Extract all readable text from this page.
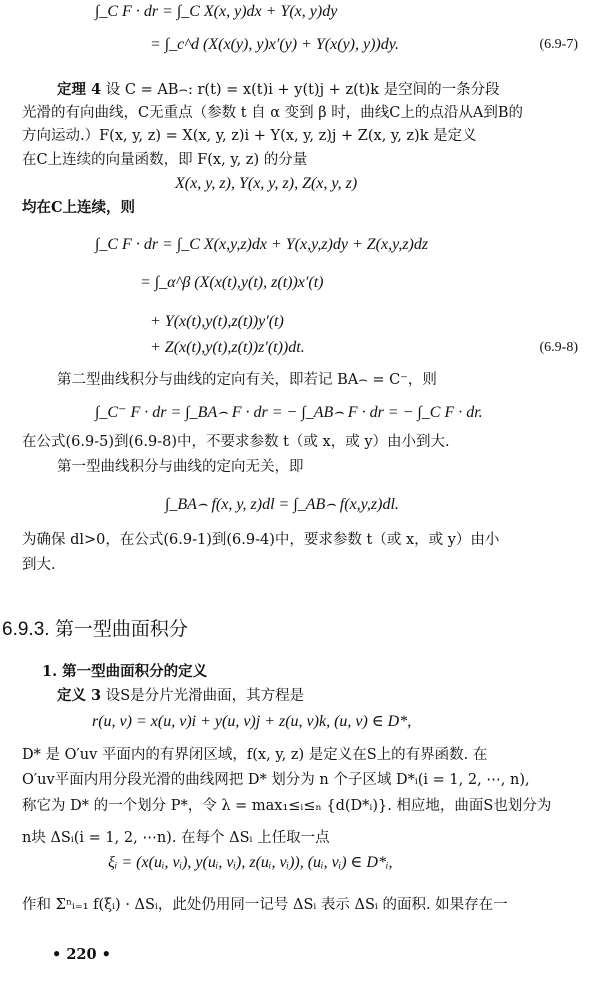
∫_C F · dr = ∫_C X(x, y)dx + Y(x, y)dy
= ∫_c^d (X(x(y), y)x′(y) + Y(x(y), y))dy.	(6.9-7)
定理 4 设 C = AB⌢: r(t) = x(t)i + y(t)j + z(t)k 是空间的一条分段
光滑的有向曲线，C无重点（参数 t 自 α 变到 β 时，曲线C上的点沿从A到B的
方向运动.）F(x, y, z) = X(x, y, z)i + Y(x, y, z)j + Z(x, y, z)k 是定义
在C上连续的向量函数，即 F(x, y, z) 的分量
X(x, y, z), Y(x, y, z), Z(x, y, z)
均在C上连续，则
∫_C F · dr = ∫_C X(x,y,z)dx + Y(x,y,z)dy + Z(x,y,z)dz
= ∫_α^β (X(x(t),y(t), z(t))x′(t)
+ Y(x(t),y(t),z(t))y′(t)
+ Z(x(t),y(t),z(t))z′(t))dt.	(6.9-8)
第二型曲线积分与曲线的定向有关，即若记 BA⌢ = C⁻，则
∫_C⁻ F · dr = ∫_BA⌢ F · dr = − ∫_AB⌢ F · dr = − ∫_C F · dr.
在公式(6.9-5)到(6.9-8)中，不要求参数 t（或 x，或 y）由小到大.
第一型曲线积分与曲线的定向无关，即
∫_BA⌢ f(x, y, z)dl = ∫_AB⌢ f(x,y,z)dl.
为确保 dl>0，在公式(6.9-1)到(6.9-4)中，要求参数 t（或 x，或 y）由小
到大.
6.9.3. 第一型曲面积分
1. 第一型曲面积分的定义
定义 3 设S是分片光滑曲面，其方程是
r(u, v) = x(u, v)i + y(u, v)j + z(u, v)k, (u, v) ∈ D*,
D* 是 O′uv 平面内的有界闭区域，f(x, y, z) 是定义在S上的有界函数. 在
O′uv平面内用分段光滑的曲线网把 D* 划分为 n 个子区域 D*ᵢ(i = 1, 2, ⋯, n),
称它为 D* 的一个划分 P*，令 λ = max₁≤ᵢ≤ₙ {d(D*ᵢ)}. 相应地，曲面S也划分为
n块 ΔSᵢ(i = 1, 2, ⋯n). 在每个 ΔSᵢ 上任取一点
ξᵢ = (x(uᵢ, vᵢ), y(uᵢ, vᵢ), z(uᵢ, vᵢ)), (uᵢ, vᵢ) ∈ D*ᵢ,
作和 Σⁿᵢ₌₁ f(ξᵢ) · ΔSᵢ，此处仍用同一记号 ΔSᵢ 表示 ΔSᵢ 的面积. 如果存在一
• 220 •
